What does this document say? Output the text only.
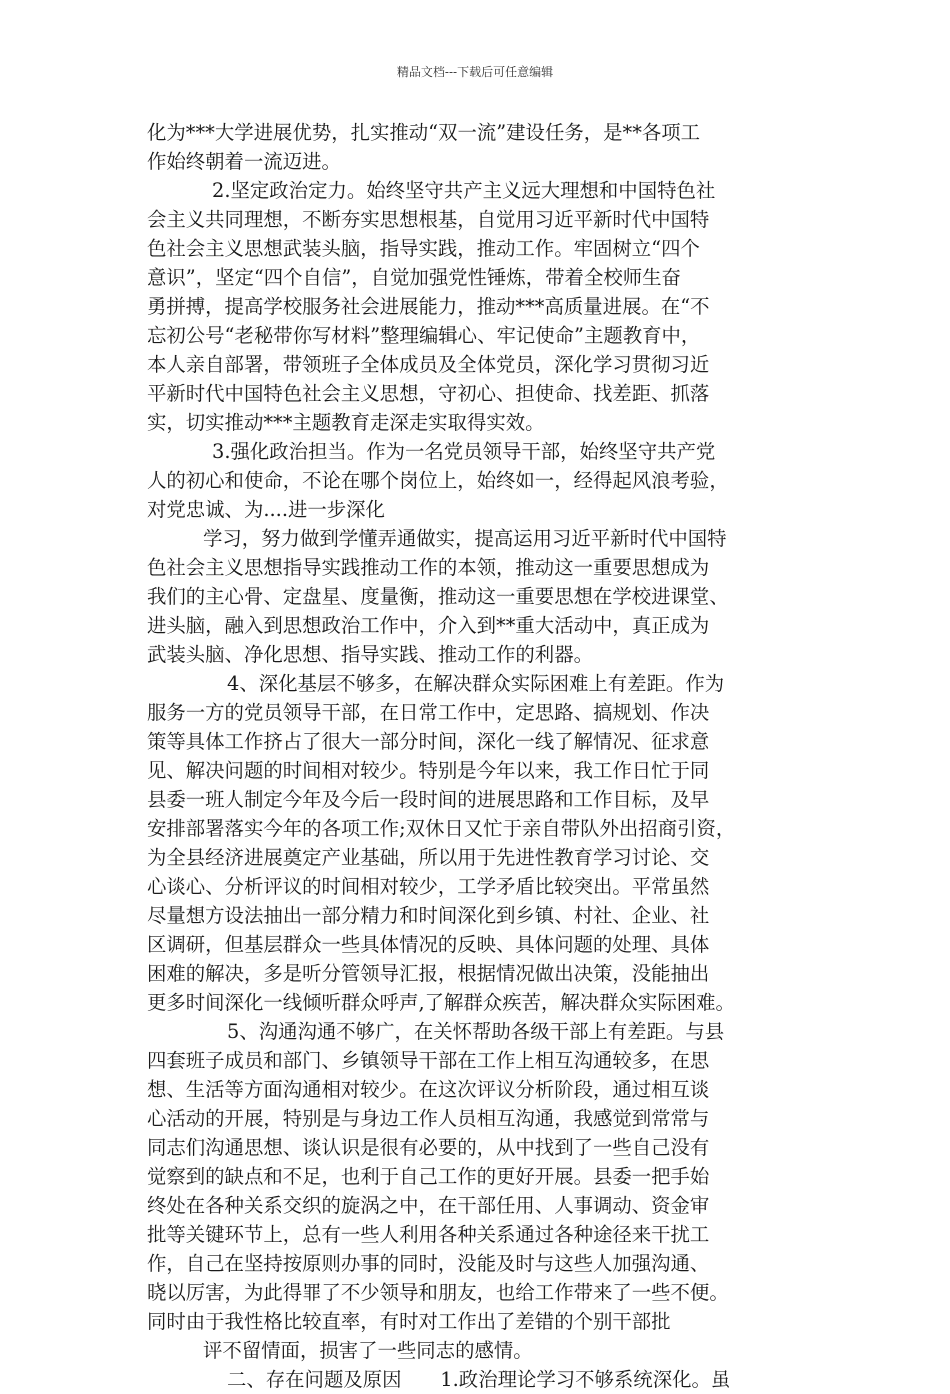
精品文档---下载后可任意编辑
化为***大学进展优势，扎实推动“双一流”建设任务，是**各项工
作始终朝着一流迈进。
2.坚定政治定力。始终坚守共产主义远大理想和中国特色社
会主义共同理想，不断夯实思想根基，自觉用习近平新时代中国特
色社会主义思想武装头脑，指导实践，推动工作。牢固树立“四个
意识”，坚定“四个自信”，自觉加强党性锤炼，带着全校师生奋
勇拼搏，提高学校服务社会进展能力，推动***高质量进展。在“不
忘初公号“老秘带你写材料”整理编辑心、牢记使命”主题教育中，
本人亲自部署，带领班子全体成员及全体党员，深化学习贯彻习近
平新时代中国特色社会主义思想，守初心、担使命、找差距、抓落
实，切实推动***主题教育走深走实取得实效。
3.强化政治担当。作为一名党员领导干部，始终坚守共产党
人的初心和使命，不论在哪个岗位上，始终如一，经得起风浪考验，
对党忠诚、为....进一步深化
学习，努力做到学懂弄通做实，提高运用习近平新时代中国特
色社会主义思想指导实践推动工作的本领，推动这一重要思想成为
我们的主心骨、定盘星、度量衡，推动这一重要思想在学校进课堂、
进头脑，融入到思想政治工作中，介入到**重大活动中，真正成为
武装头脑、净化思想、指导实践、推动工作的利器。
4、深化基层不够多，在解决群众实际困难上有差距。作为
服务一方的党员领导干部，在日常工作中，定思路、搞规划、作决
策等具体工作挤占了很大一部分时间，深化一线了解情况、征求意
见、解决问题的时间相对较少。特别是今年以来，我工作日忙于同
县委一班人制定今年及今后一段时间的进展思路和工作目标，及早
安排部署落实今年的各项工作;双休日又忙于亲自带队外出招商引资，
为全县经济进展奠定产业基础，所以用于先进性教育学习讨论、交
心谈心、分析评议的时间相对较少，工学矛盾比较突出。平常虽然
尽量想方设法抽出一部分精力和时间深化到乡镇、村社、企业、社
区调研，但基层群众一些具体情况的反映、具体问题的处理、具体
困难的解决，多是听分管领导汇报，根据情况做出决策，没能抽出
更多时间深化一线倾听群众呼声,了解群众疾苦，解决群众实际困难。
5、沟通沟通不够广，在关怀帮助各级干部上有差距。与县
四套班子成员和部门、乡镇领导干部在工作上相互沟通较多，在思
想、生活等方面沟通相对较少。在这次评议分析阶段，通过相互谈
心活动的开展，特别是与身边工作人员相互沟通，我感觉到常常与
同志们沟通思想、谈认识是很有必要的，从中找到了一些自己没有
觉察到的缺点和不足，也利于自己工作的更好开展。县委一把手始
终处在各种关系交织的旋涡之中，在干部任用、人事调动、资金审
批等关键环节上，总有一些人利用各种关系通过各种途径来干扰工
作，自己在坚持按原则办事的同时，没能及时与这些人加强沟通、
晓以厉害，为此得罪了不少领导和朋友，也给工作带来了一些不便。
同时由于我性格比较直率，有时对工作出了差错的个别干部批
评不留情面，损害了一些同志的感情。
二、存在问题及原因　　1.政治理论学习不够系统深化。虽
